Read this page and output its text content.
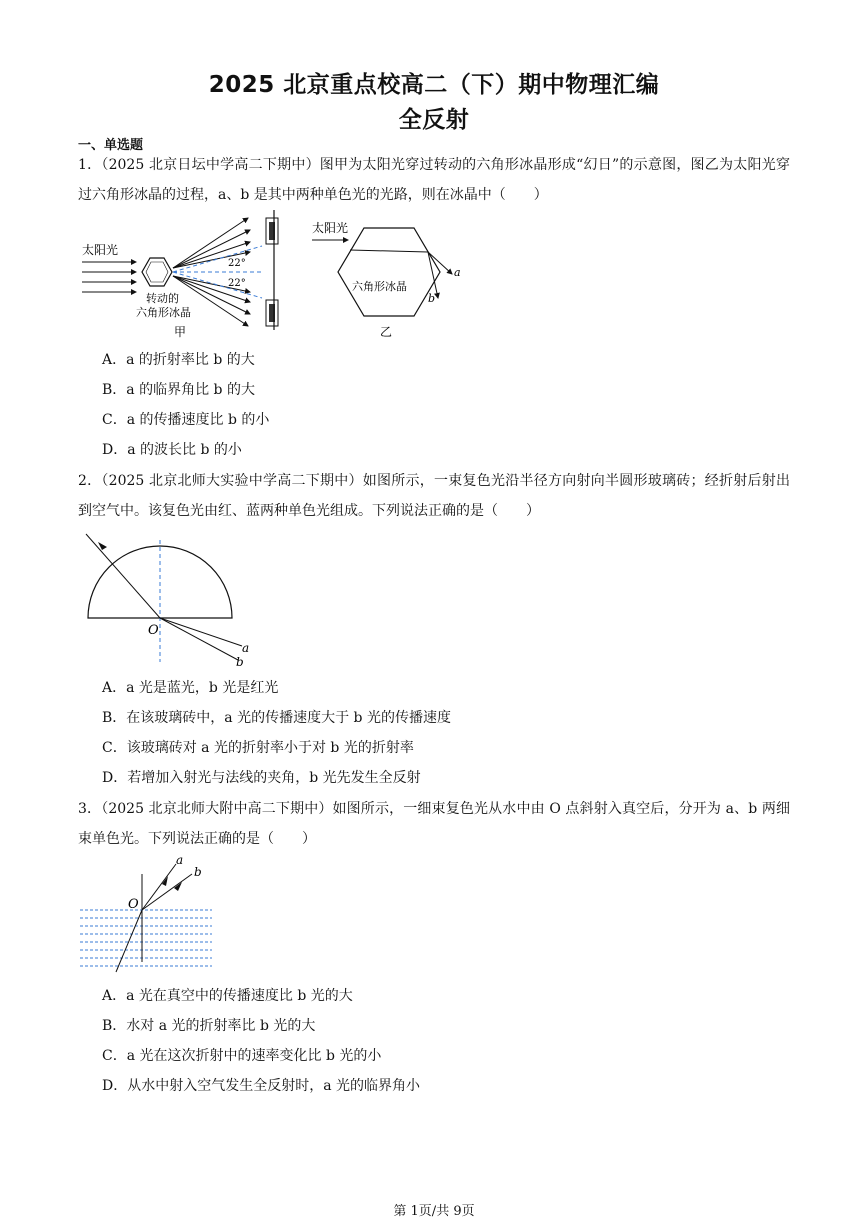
2025 北京重点校高二（下）期中物理汇编
全反射
一、单选题
1．（2025 北京日坛中学高二下期中）图甲为太阳光穿过转动的六角形冰晶形成“幻日”的示意图，图乙为太阳光穿过六角形冰晶的过程，a、b 是其中两种单色光的光路，则在冰晶中（　　）
太阳光
22°
22°
转动的
六角形冰晶
甲
太阳光
a
b
六角形冰晶
乙
A．a 的折射率比 b 的大
B．a 的临界角比 b 的大
C．a 的传播速度比 b 的小
D．a 的波长比 b 的小
2．（2025 北京北师大实验中学高二下期中）如图所示，一束复色光沿半径方向射向半圆形玻璃砖；经折射后射出到空气中。该复色光由红、蓝两种单色光组成。下列说法正确的是（　　）
O
a
b
A．a 光是蓝光，b 光是红光
B．在该玻璃砖中，a 光的传播速度大于 b 光的传播速度
C．该玻璃砖对 a 光的折射率小于对 b 光的折射率
D．若增加入射光与法线的夹角，b 光先发生全反射
3．（2025 北京北师大附中高二下期中）如图所示，一细束复色光从水中由 O 点斜射入真空后，分开为 a、b 两细束单色光。下列说法正确的是（　　）
O
a
b
A．a 光在真空中的传播速度比 b 光的大
B．水对 a 光的折射率比 b 光的大
C．a 光在这次折射中的速率变化比 b 光的小
D．从水中射入空气发生全反射时，a 光的临界角小
第 1页/共 9页
